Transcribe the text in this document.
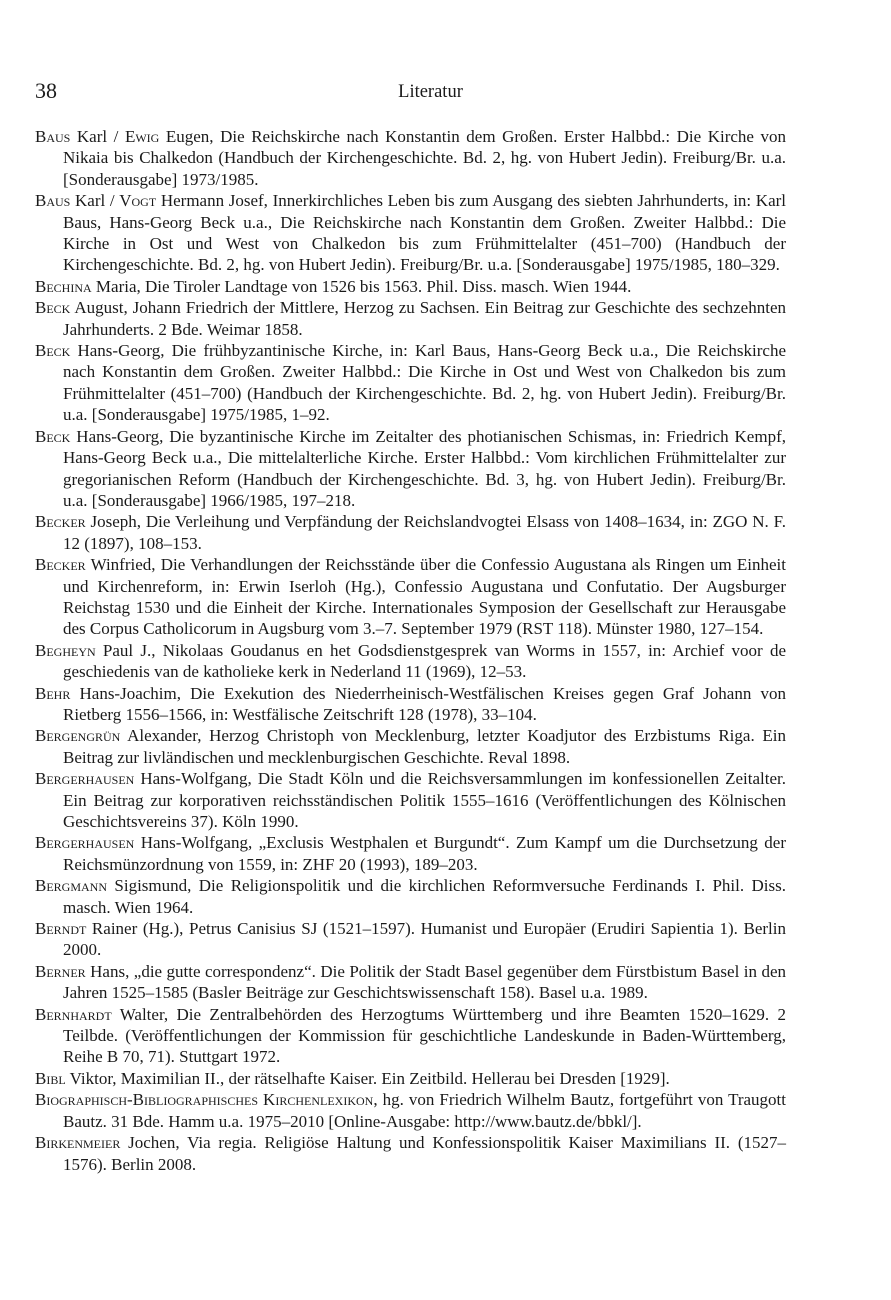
38	Literatur

Baus Karl / Ewig Eugen, Die Reichskirche nach Konstantin dem Großen. Erster Halbbd.: Die Kirche von Nikaia bis Chalkedon (Handbuch der Kirchengeschichte. Bd. 2, hg. von Hubert Jedin). Freiburg/Br. u.a. [Sonderausgabe] 1973/1985.

Baus Karl / Vogt Hermann Josef, Innerkirchliches Leben bis zum Ausgang des siebten Jahrhunderts, in: Karl Baus, Hans-Georg Beck u.a., Die Reichskirche nach Konstantin dem Großen. Zweiter Halbbd.: Die Kirche in Ost und West von Chalkedon bis zum Frühmittelalter (451–700) (Handbuch der Kirchengeschichte. Bd. 2, hg. von Hubert Jedin). Freiburg/Br. u.a. [Sonderausgabe] 1975/1985, 180–329.

Bechina Maria, Die Tiroler Landtage von 1526 bis 1563. Phil. Diss. masch. Wien 1944.

Beck August, Johann Friedrich der Mittlere, Herzog zu Sachsen. Ein Beitrag zur Geschichte des sechzehnten Jahrhunderts. 2 Bde. Weimar 1858.

Beck Hans-Georg, Die frühbyzantinische Kirche, in: Karl Baus, Hans-Georg Beck u.a., Die Reichskirche nach Konstantin dem Großen. Zweiter Halbbd.: Die Kirche in Ost und West von Chalkedon bis zum Frühmittelalter (451–700) (Handbuch der Kirchengeschichte. Bd. 2, hg. von Hubert Jedin). Freiburg/Br. u.a. [Sonderausgabe] 1975/1985, 1–92.

Beck Hans-Georg, Die byzantinische Kirche im Zeitalter des photianischen Schismas, in: Friedrich Kempf, Hans-Georg Beck u.a., Die mittelalterliche Kirche. Erster Halbbd.: Vom kirchlichen Frühmittelalter zur gregorianischen Reform (Handbuch der Kirchengeschichte. Bd. 3, hg. von Hubert Jedin). Freiburg/Br. u.a. [Sonderausgabe] 1966/1985, 197–218.

Becker Joseph, Die Verleihung und Verpfändung der Reichslandvogtei Elsass von 1408–1634, in: ZGO N. F. 12 (1897), 108–153.

Becker Winfried, Die Verhandlungen der Reichsstände über die Confessio Augustana als Ringen um Einheit und Kirchenreform, in: Erwin Iserloh (Hg.), Confessio Augustana und Confutatio. Der Augsburger Reichstag 1530 und die Einheit der Kirche. Internationales Symposion der Gesellschaft zur Herausgabe des Corpus Catholicorum in Augsburg vom 3.–7. September 1979 (RST 118). Münster 1980, 127–154.

Begheyn Paul J., Nikolaas Goudanus en het Godsdienstgesprek van Worms in 1557, in: Archief voor de geschiedenis van de katholieke kerk in Nederland 11 (1969), 12–53.

Behr Hans-Joachim, Die Exekution des Niederrheinisch-Westfälischen Kreises gegen Graf Johann von Rietberg 1556–1566, in: Westfälische Zeitschrift 128 (1978), 33–104.

Bergengrün Alexander, Herzog Christoph von Mecklenburg, letzter Koadjutor des Erzbistums Riga. Ein Beitrag zur livländischen und mecklenburgischen Geschichte. Reval 1898.

Bergerhausen Hans-Wolfgang, Die Stadt Köln und die Reichsversammlungen im konfessionellen Zeitalter. Ein Beitrag zur korporativen reichsständischen Politik 1555–1616 (Veröffentlichungen des Kölnischen Geschichtsvereins 37). Köln 1990.

Bergerhausen Hans-Wolfgang, „Exclusis Westphalen et Burgundt“. Zum Kampf um die Durchsetzung der Reichsmünzordnung von 1559, in: ZHF 20 (1993), 189–203.

Bergmann Sigismund, Die Religionspolitik und die kirchlichen Reformversuche Ferdinands I. Phil. Diss. masch. Wien 1964.

Berndt Rainer (Hg.), Petrus Canisius SJ (1521–1597). Humanist und Europäer (Erudiri Sapientia 1). Berlin 2000.

Berner Hans, „die gutte correspondenz“. Die Politik der Stadt Basel gegenüber dem Fürstbistum Basel in den Jahren 1525–1585 (Basler Beiträge zur Geschichtswissenschaft 158). Basel u.a. 1989.

Bernhardt Walter, Die Zentralbehörden des Herzogtums Württemberg und ihre Beamten 1520–1629. 2 Teilbde. (Veröffentlichungen der Kommission für geschichtliche Landeskunde in Baden-Württemberg, Reihe B 70, 71). Stuttgart 1972.

Bibl Viktor, Maximilian II., der rätselhafte Kaiser. Ein Zeitbild. Hellerau bei Dresden [1929].

Biographisch-Bibliographisches Kirchenlexikon, hg. von Friedrich Wilhelm Bautz, fortgeführt von Traugott Bautz. 31 Bde. Hamm u.a. 1975–2010 [Online-Ausgabe: http://www.bautz.de/bbkl/].

Birkenmeier Jochen, Via regia. Religiöse Haltung und Konfessionspolitik Kaiser Maximilians II. (1527–1576). Berlin 2008.
